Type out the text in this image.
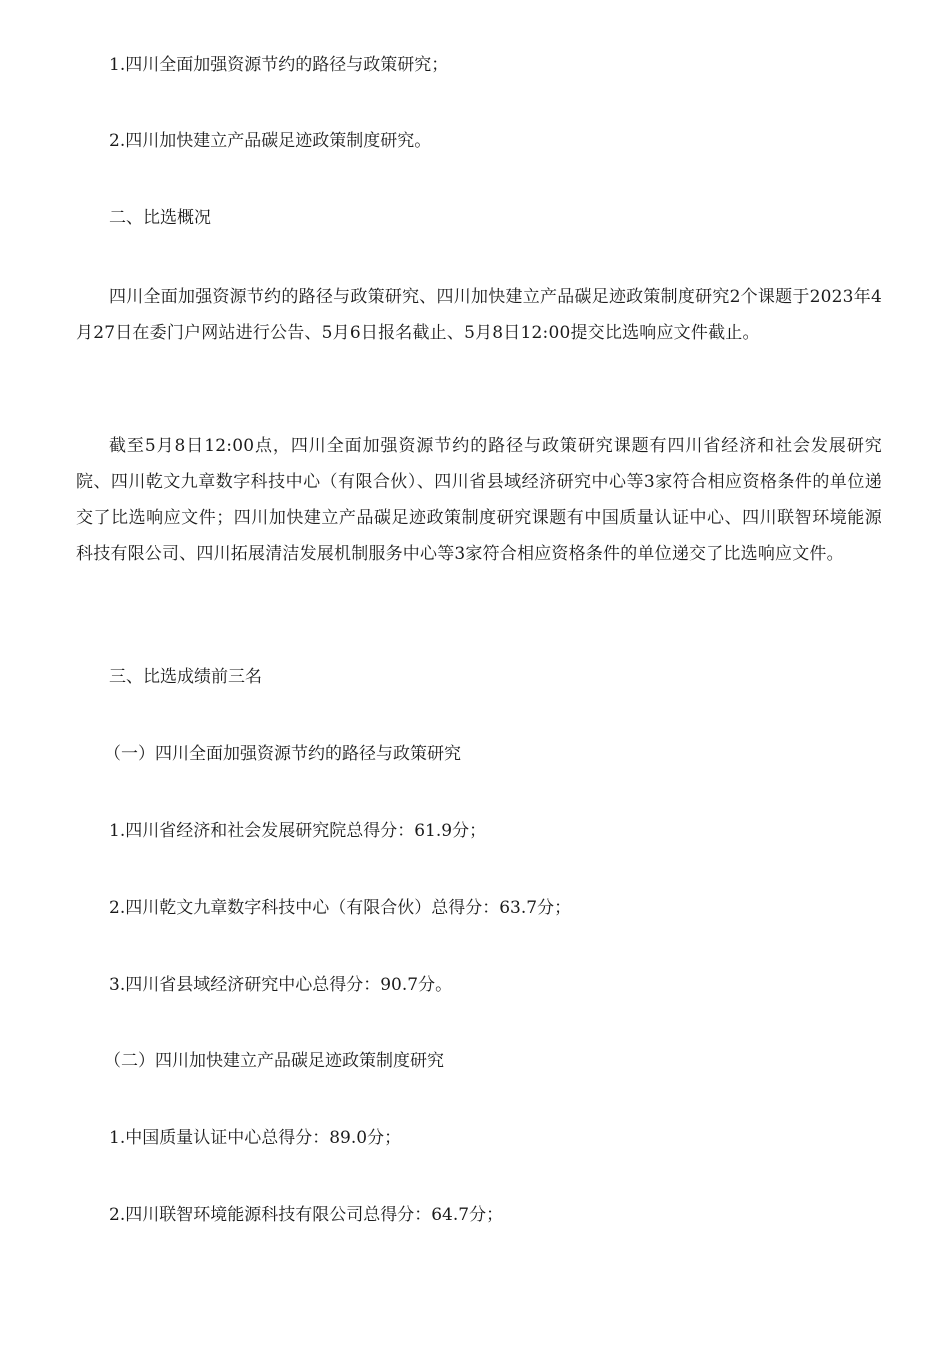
1.四川全面加强资源节约的路径与政策研究；
2.四川加快建立产品碳足迹政策制度研究。
二、比选概况
四川全面加强资源节约的路径与政策研究、四川加快建立产品碳足迹政策制度研究2个课题于2023年4月27日在委门户网站进行公告、5月6日报名截止、5月8日12:00提交比选响应文件截止。
截至5月8日12:00点，四川全面加强资源节约的路径与政策研究课题有四川省经济和社会发展研究院、四川乾文九章数字科技中心（有限合伙）、四川省县域经济研究中心等3家符合相应资格条件的单位递交了比选响应文件；四川加快建立产品碳足迹政策制度研究课题有中国质量认证中心、四川联智环境能源科技有限公司、四川拓展清洁发展机制服务中心等3家符合相应资格条件的单位递交了比选响应文件。
三、比选成绩前三名
（一）四川全面加强资源节约的路径与政策研究
1.四川省经济和社会发展研究院总得分：61.9分；
2.四川乾文九章数字科技中心（有限合伙）总得分：63.7分；
3.四川省县域经济研究中心总得分：90.7分。
（二）四川加快建立产品碳足迹政策制度研究
1.中国质量认证中心总得分：89.0分；
2.四川联智环境能源科技有限公司总得分：64.7分；
